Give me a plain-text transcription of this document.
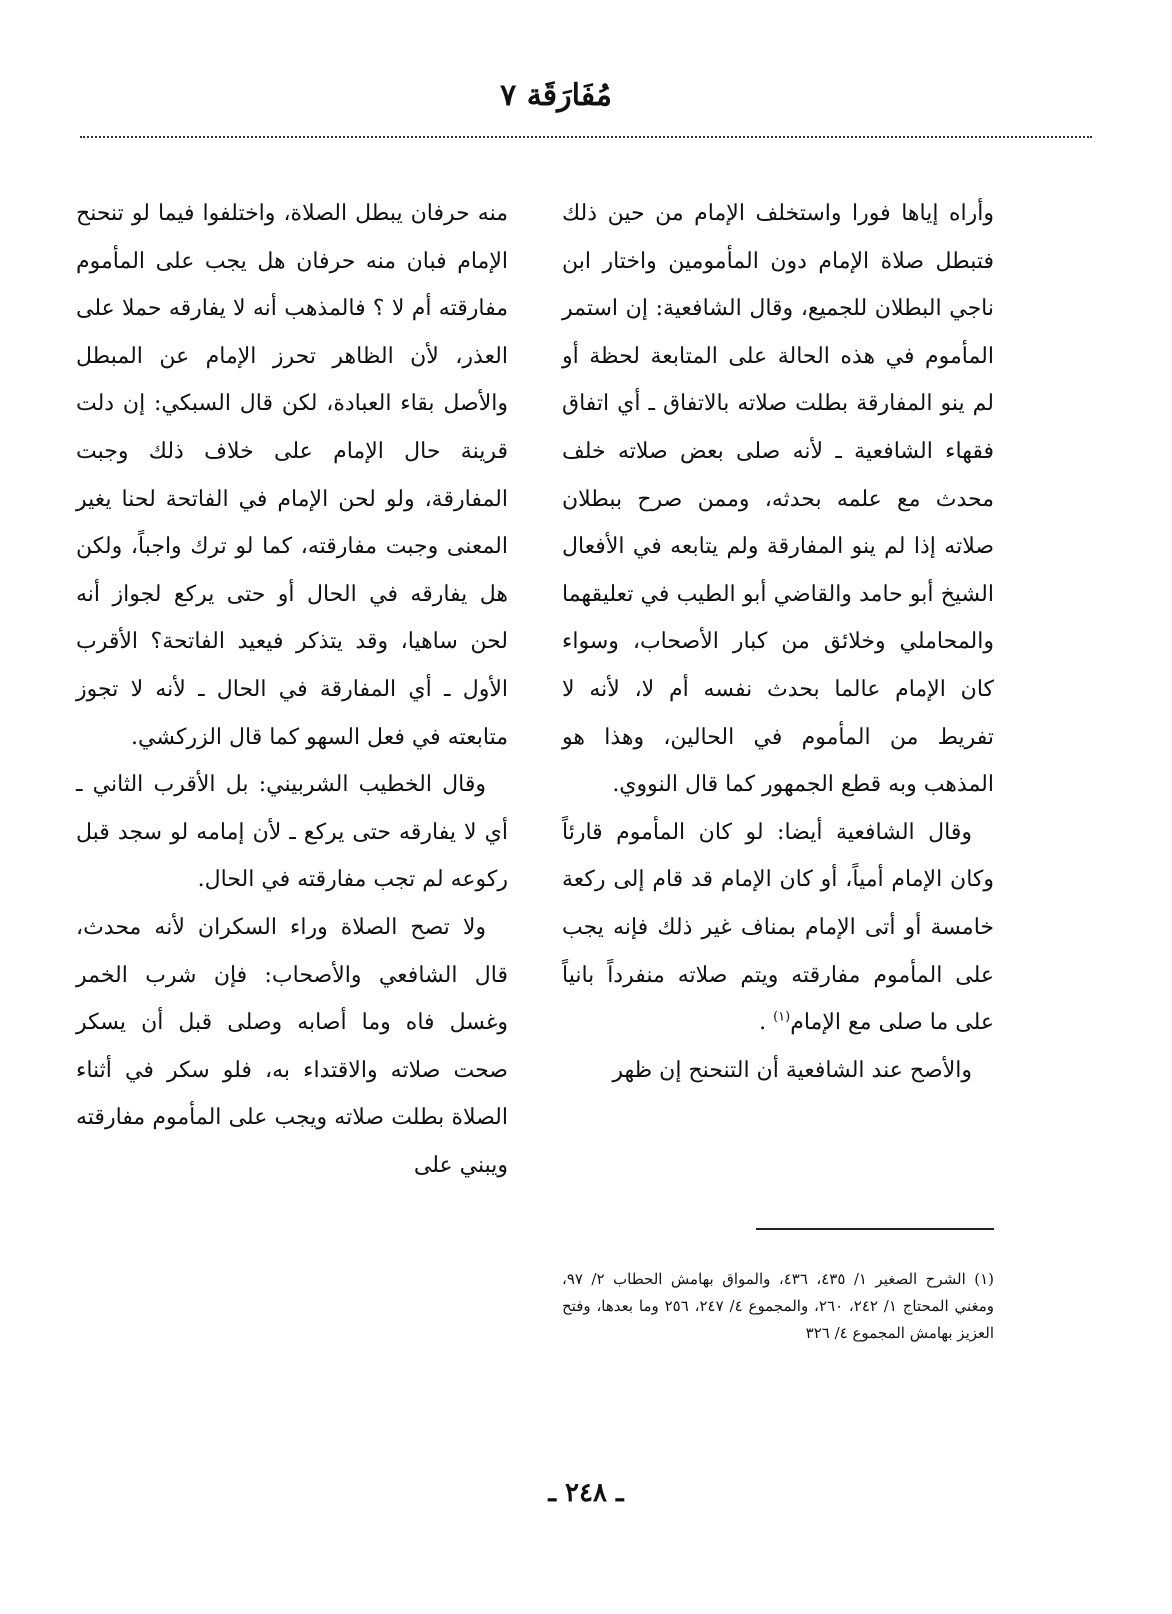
مُفَارَقَة ٧

وأراه إياها فورا واستخلف الإمام من حين ذلك فتبطل صلاة الإمام دون المأمومين واختار ابن ناجي البطلان للجميع، وقال الشافعية: إن استمر المأموم في هذه الحالة على المتابعة لحظة أو لم ينو المفارقة بطلت صلاته بالاتفاق ـ أي اتفاق فقهاء الشافعية ـ لأنه صلى بعض صلاته خلف محدث مع علمه بحدثه، وممن صرح ببطلان صلاته إذا لم ينو المفارقة ولم يتابعه في الأفعال الشيخ أبو حامد والقاضي أبو الطيب في تعليقهما والمحاملي وخلائق من كبار الأصحاب، وسواء كان الإمام عالما بحدث نفسه أم لا، لأنه لا تفريط من المأموم في الحالين، وهذا هو المذهب وبه قطع الجمهور كما قال النووي.

وقال الشافعية أيضا: لو كان المأموم قارئاً وكان الإمام أمياً، أو كان الإمام قد قام إلى ركعة خامسة أو أتى الإمام بمناف غير ذلك فإنه يجب على المأموم مفارقته ويتم صلاته منفرداً بانياً على ما صلى مع الإمام$^{(١)}$ .

والأصح عند الشافعية أن التنحنح إن ظهر

منه حرفان يبطل الصلاة، واختلفوا فيما لو تنحنح الإمام فبان منه حرفان هل يجب على المأموم مفارقته أم لا ؟ فالمذهب أنه لا يفارقه حملا على العذر، لأن الظاهر تحرز الإمام عن المبطل والأصل بقاء العبادة، لكن قال السبكي: إن دلت قرينة حال الإمام على خلاف ذلك وجبت المفارقة، ولو لحن الإمام في الفاتحة لحنا يغير المعنى وجبت مفارقته، كما لو ترك واجباً، ولكن هل يفارقه في الحال أو حتى يركع لجواز أنه لحن ساهيا، وقد يتذكر فيعيد الفاتحة؟ الأقرب الأول ـ أي المفارقة في الحال ـ لأنه لا تجوز متابعته في فعل السهو كما قال الزركشي.

وقال الخطيب الشربيني: بل الأقرب الثاني ـ أي لا يفارقه حتى يركع ـ لأن إمامه لو سجد قبل ركوعه لم تجب مفارقته في الحال.

ولا تصح الصلاة وراء السكران لأنه محدث، قال الشافعي والأصحاب: فإن شرب الخمر وغسل فاه وما أصابه وصلى قبل أن يسكر صحت صلاته والاقتداء به، فلو سكر في أثناء الصلاة بطلت صلاته ويجب على المأموم مفارقته ويبني على

(١) الشرح الصغير ١/ ٤٣٥، ٤٣٦، والمواق بهامش الحطاب ٢/ ٩٧، ومغني المحتاج ١/ ٢٤٢، ٢٦٠، والمجموع ٤/ ٢٤٧، ٢٥٦ وما بعدها، وفتح العزيز بهامش المجموع ٤/ ٣٢٦
ـ ٢٤٨ ـ
